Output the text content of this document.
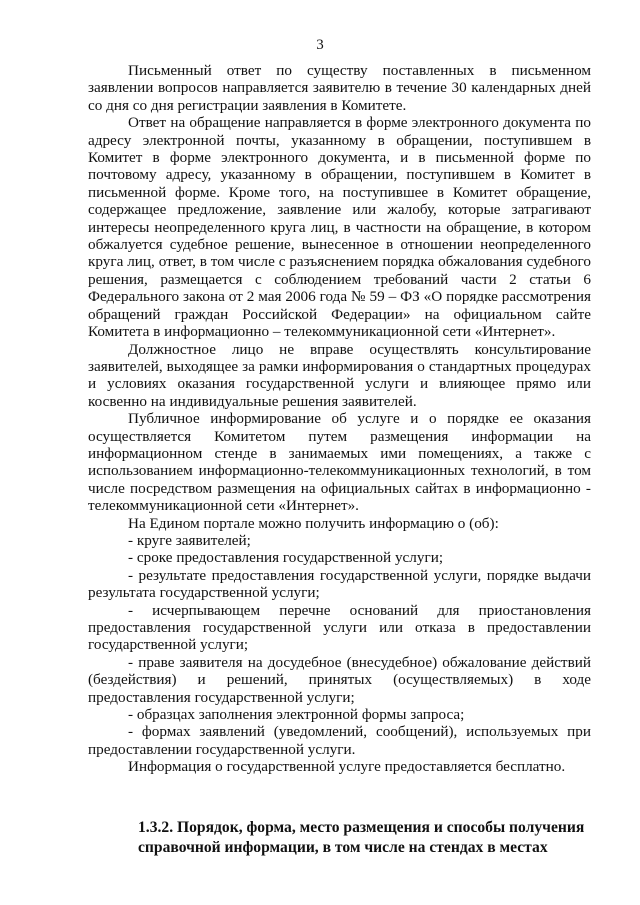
3

Письменный ответ по существу поставленных в письменном заявлении вопросов направляется заявителю в течение 30 календарных дней со дня со дня регистрации заявления в Комитете.

Ответ на обращение направляется в форме электронного документа по адресу электронной почты, указанному в обращении, поступившем в Комитет в форме электронного документа, и в письменной форме по почтовому адресу, указанному в обращении, поступившем в Комитет в письменной форме. Кроме того, на поступившее в Комитет обращение, содержащее предложение, заявление или жалобу, которые затрагивают интересы неопределенного круга лиц, в частности на обращение, в котором обжалуется судебное решение, вынесенное в отношении неопределенного круга лиц, ответ, в том числе с разъяснением порядка обжалования судебного решения, размещается с соблюдением требований части 2 статьи 6 Федерального закона от 2 мая 2006 года № 59 – ФЗ «О порядке рассмотрения обращений граждан Российской Федерации» на официальном сайте Комитета в информационно – телекоммуникационной сети «Интернет».

Должностное лицо не вправе осуществлять консультирование заявителей, выходящее за рамки информирования о стандартных процедурах и условиях оказания государственной услуги и влияющее прямо или косвенно на индивидуальные решения заявителей.

Публичное информирование об услуге и о порядке ее оказания осуществляется Комитетом путем размещения информации на информационном стенде в занимаемых ими помещениях, а также с использованием информационно-телекоммуникационных технологий, в том числе посредством размещения на официальных сайтах в информационно - телекоммуникационной сети «Интернет».

На Едином портале можно получить информацию о (об):

- круге заявителей;

- сроке предоставления государственной услуги;

- результате предоставления государственной услуги, порядке выдачи результата государственной услуги;

- исчерпывающем перечне оснований для приостановления предоставления государственной услуги или отказа в предоставлении государственной услуги;

- праве заявителя на досудебное (внесудебное) обжалование действий (бездействия) и решений, принятых (осуществляемых) в ходе предоставления государственной услуги;

- образцах заполнения электронной формы запроса;

- формах заявлений (уведомлений, сообщений), используемых при предоставлении государственной услуги.

Информация о государственной услуге предоставляется бесплатно.

1.3.2. Порядок, форма, место размещения и способы получения

справочной информации, в том числе на стендах в местах
